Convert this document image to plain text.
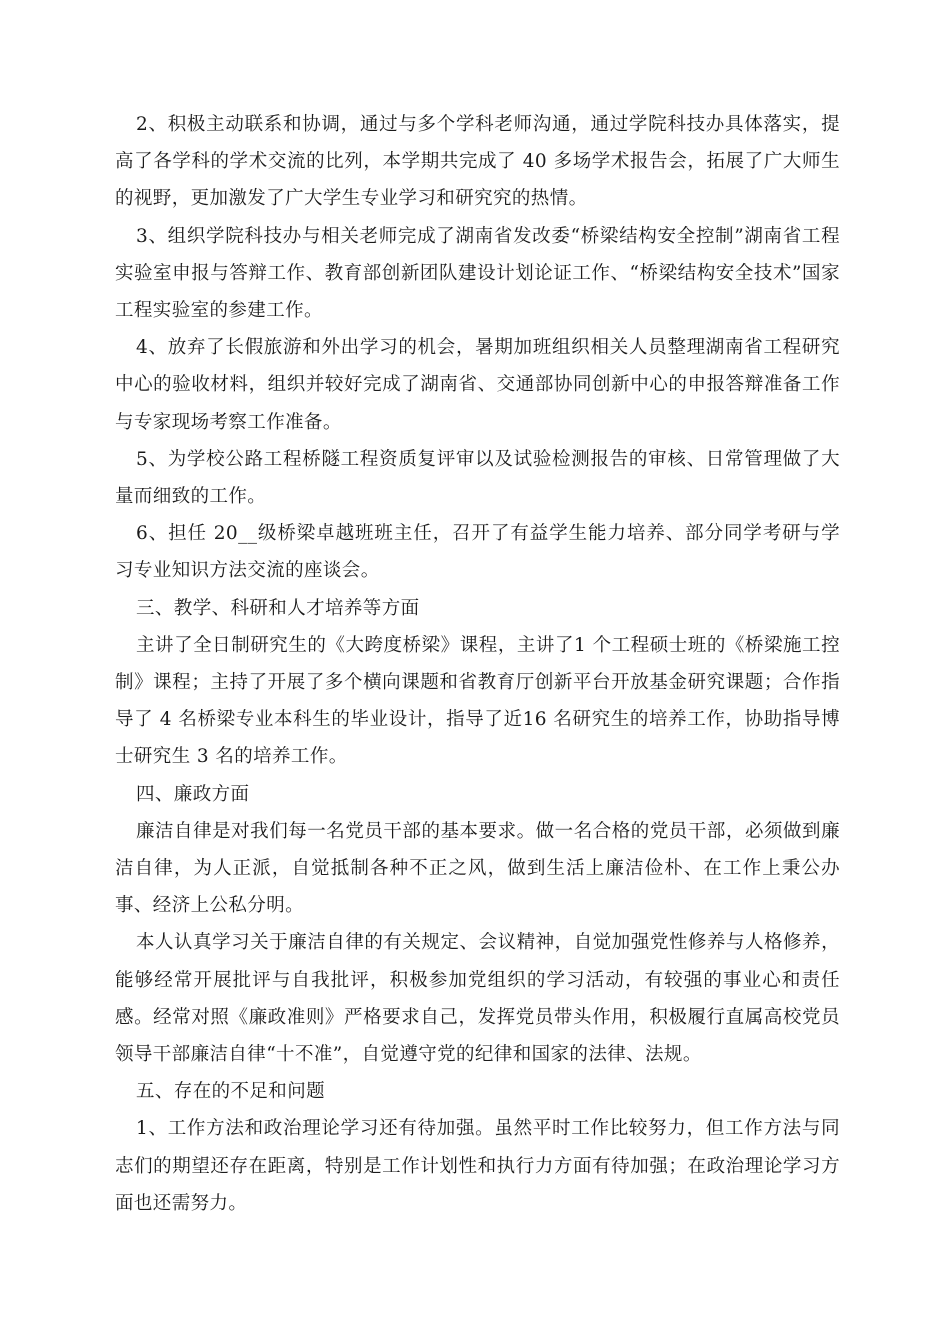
2、积极主动联系和协调，通过与多个学科老师沟通，通过学院科技办具体落实，提高了各学科的学术交流的比列，本学期共完成了 40 多场学术报告会，拓展了广大师生的视野，更加激发了广大学生专业学习和研究究的热情。

3、组织学院科技办与相关老师完成了湖南省发改委“桥梁结构安全控制”湖南省工程实验室申报与答辩工作、教育部创新团队建设计划论证工作、“桥梁结构安全技术”国家工程实验室的参建工作。

4、放弃了长假旅游和外出学习的机会，暑期加班组织相关人员整理湖南省工程研究中心的验收材料，组织并较好完成了湖南省、交通部协同创新中心的申报答辩准备工作与专家现场考察工作准备。

5、为学校公路工程桥隧工程资质复评审以及试验检测报告的审核、日常管理做了大量而细致的工作。

6、担任 20__级桥梁卓越班班主任，召开了有益学生能力培养、部分同学考研与学习专业知识方法交流的座谈会。

三、教学、科研和人才培养等方面

主讲了全日制研究生的《大跨度桥梁》课程，主讲了1 个工程硕士班的《桥梁施工控制》课程；主持了开展了多个横向课题和省教育厅创新平台开放基金研究课题；合作指导了 4 名桥梁专业本科生的毕业设计，指导了近16 名研究生的培养工作，协助指导博士研究生 3 名的培养工作。

四、廉政方面

廉洁自律是对我们每一名党员干部的基本要求。做一名合格的党员干部，必须做到廉洁自律，为人正派，自觉抵制各种不正之风，做到生活上廉洁俭朴、在工作上秉公办事、经济上公私分明。

本人认真学习关于廉洁自律的有关规定、会议精神，自觉加强党性修养与人格修养，能够经常开展批评与自我批评，积极参加党组织的学习活动，有较强的事业心和责任感。经常对照《廉政准则》严格要求自己，发挥党员带头作用，积极履行直属高校党员领导干部廉洁自律“十不准”，自觉遵守党的纪律和国家的法律、法规。

五、存在的不足和问题

1、工作方法和政治理论学习还有待加强。虽然平时工作比较努力，但工作方法与同志们的期望还存在距离，特别是工作计划性和执行力方面有待加强；在政治理论学习方面也还需努力。
